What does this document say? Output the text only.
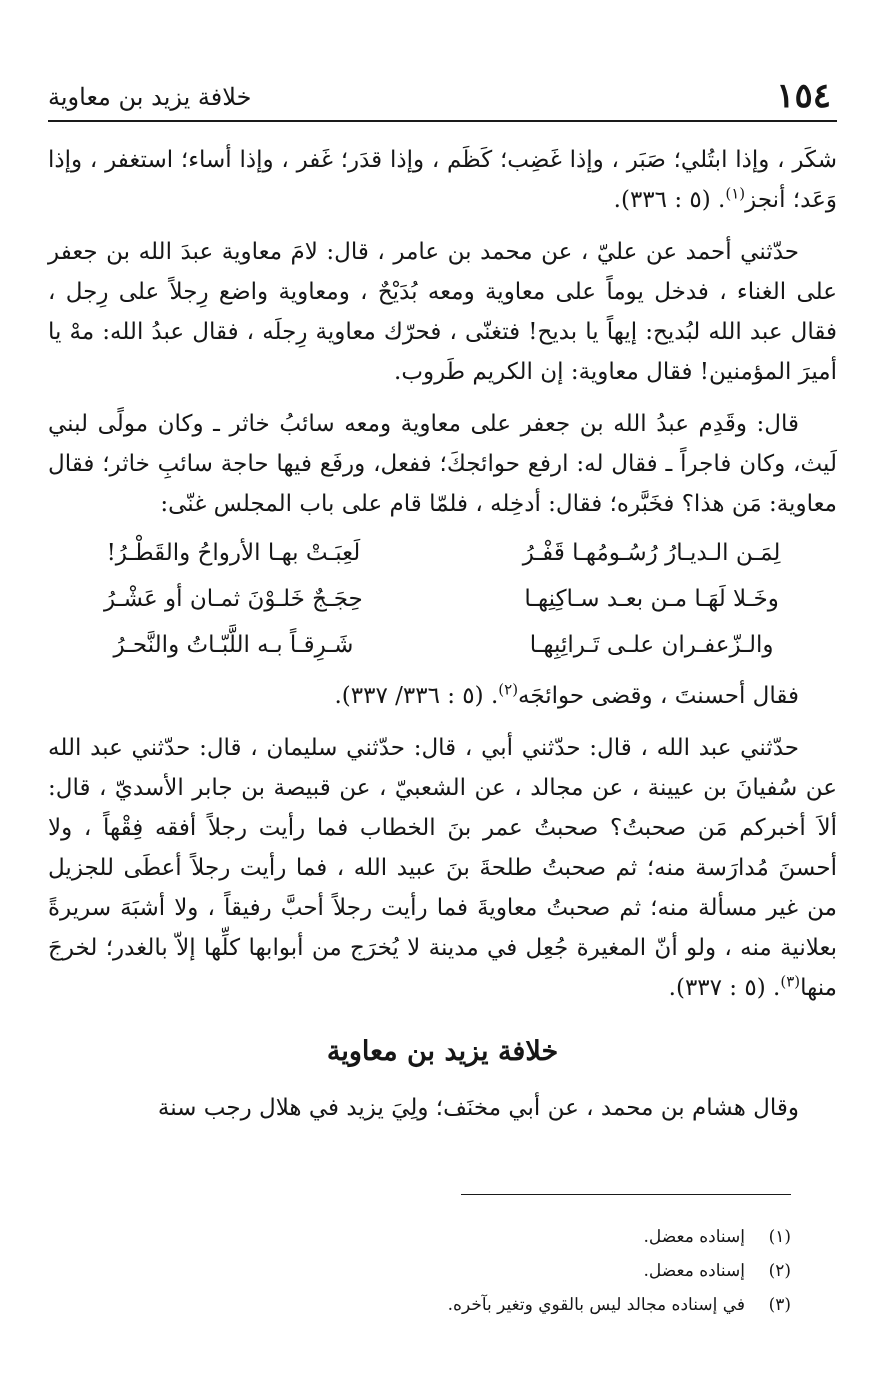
١٥٤
خلافة يزيد بن معاوية

شكَر ، وإذا ابتُلي؛ صَبَر ، وإذا غَضِب؛ كَظَم ، وإذا قدَر؛ غَفر ، وإذا أساء؛ استغفر ، وإذا وَعَد؛ أنجز$^{(١)}$. (٥ : ٣٣٦).

حدّثني أحمد عن عليّ ، عن محمد بن عامر ، قال: لامَ معاوية عبدَ الله بن جعفر على الغناء ، فدخل يوماً على معاوية ومعه بُدَيْحٌ ، ومعاوية واضع رِجلاً على رِجل ، فقال عبد الله لبُديح: إيهاً يا بديح! فتغنّى ، فحرّك معاوية رِجلَه ، فقال عبدُ الله: مهْ يا أميرَ المؤمنين! فقال معاوية: إن الكريم طَروب.

قال: وقَدِم عبدُ الله بن جعفر على معاوية ومعه سائبُ خاثر ـ وكان مولًى لبني لَيث، وكان فاجراً ـ فقال له: ارفع حوائجكَ؛ ففعل، ورفَع فيها حاجة سائبِ خاثر؛ فقال معاوية: مَن هذا؟ فخَبَّره؛ فقال: أدخِله ، فلمّا قام على باب المجلس غنّى:

لِمَـن الـديـارُ رُسُـومُهـا قَفْـرُ
لَعِبَـتْ بهـا الأرواحُ والقَطْـرُ!
وخَـلا لَهَـا مـن بعـد سـاكِنِهـا
حِجَـجٌ خَلـوْنَ ثمـان أو عَشْـرُ
والـزّعفـران علـى تَـرائِبِهـا
شَـرِقـاً بـه اللَّبّـاتُ والنَّحـرُ

فقال أحسنتَ ، وقضى حوائجَه$^{(٢)}$. (٥ : ٣٣٦/ ٣٣٧).

حدّثني عبد الله ، قال: حدّثني أبي ، قال: حدّثني سليمان ، قال: حدّثني عبد الله عن سُفيانَ بن عيينة ، عن مجالد ، عن الشعبيّ ، عن قبيصة بن جابر الأسديّ ، قال: ألاَ أخبركم مَن صحبتُ؟ صحبتُ عمر بنَ الخطاب فما رأيت رجلاً أفقه فِقْهاً ، ولا أحسنَ مُدارَسة منه؛ ثم صحبتُ طلحةَ بنَ عبيد الله ، فما رأيت رجلاً أعطَى للجزيل من غير مسألة منه؛ ثم صحبتُ معاويةَ فما رأيت رجلاً أحبَّ رفيقاً ، ولا أشبَهَ سريرةً بعلانية منه ، ولو أنّ المغيرة جُعِل في مدينة لا يُخرَج من أبوابها كلِّها إلاّ بالغدر؛ لخرجَ منها$^{(٣)}$. (٥ : ٣٣٧).

خلافة يزيد بن معاوية

وقال هشام بن محمد ، عن أبي مخنَف؛ ولِيَ يزيد في هلال رجب سنة

(١)
إسناده معضل.
(٢)
إسناده معضل.
(٣)
في إسناده مجالد ليس بالقوي وتغير بآخره.
